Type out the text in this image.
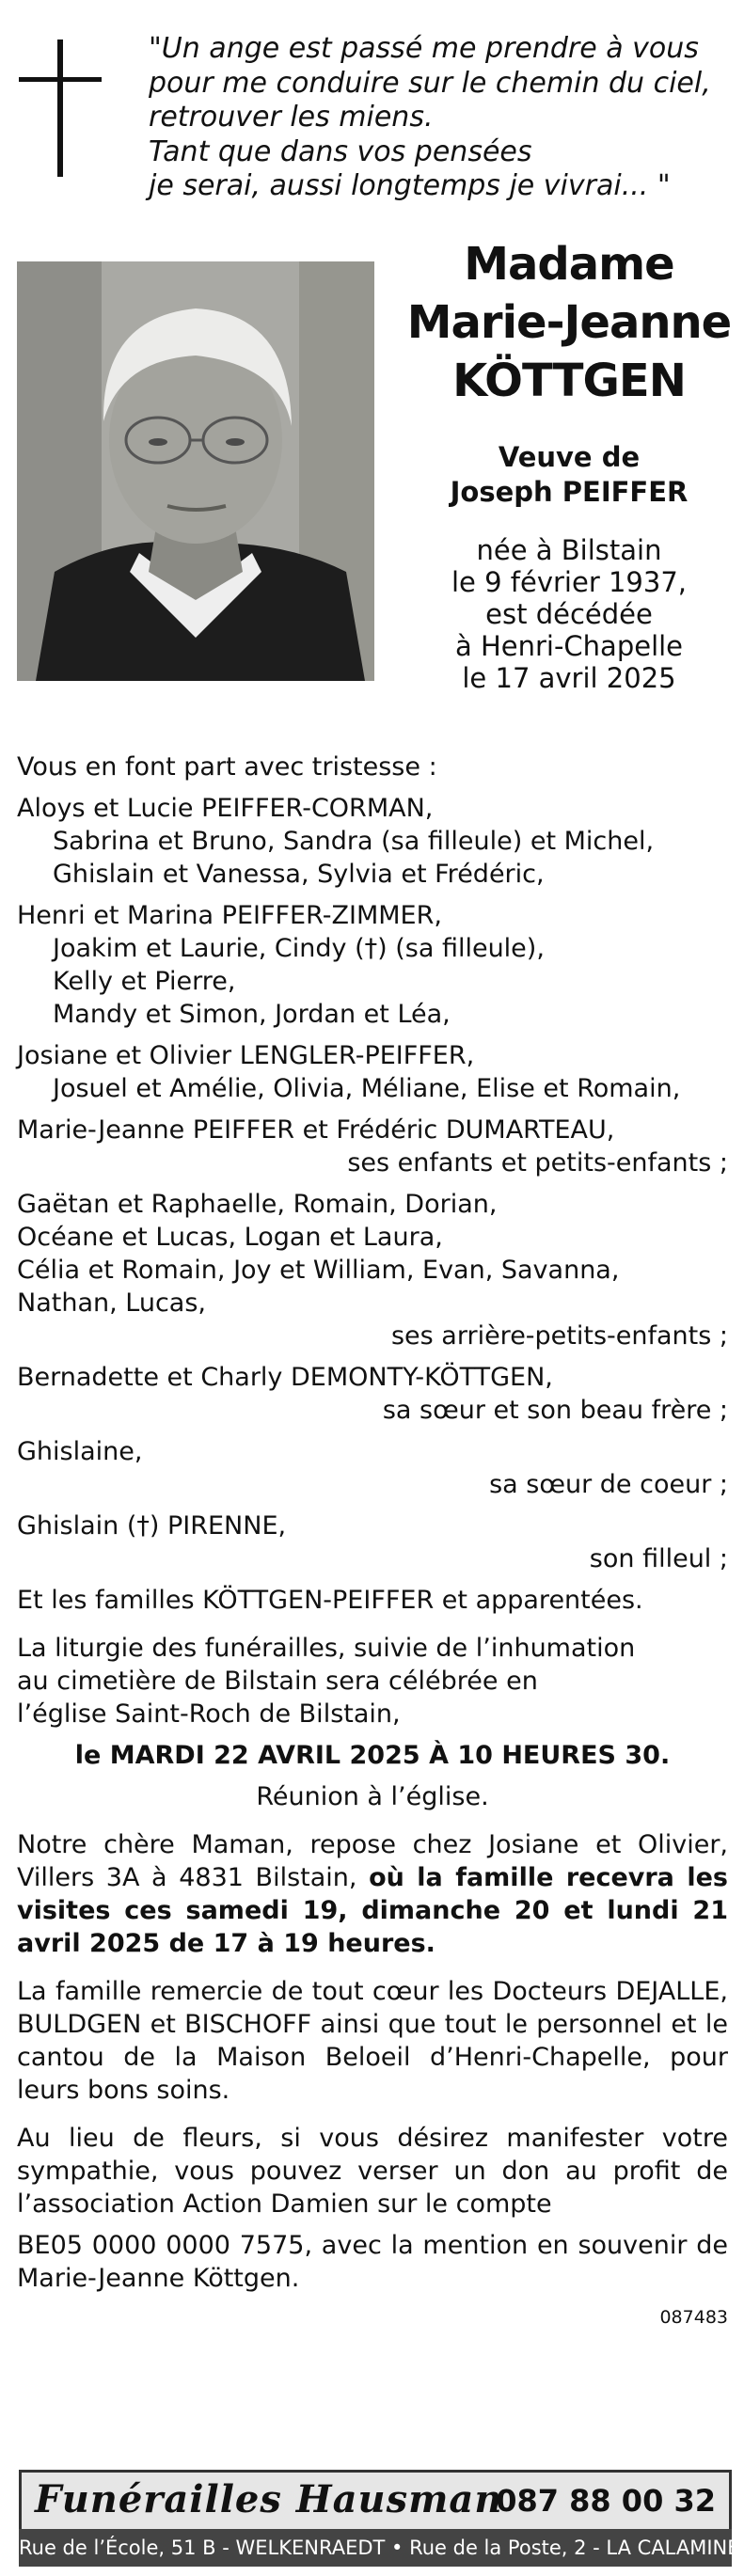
"Un ange est passé me prendre à vous
pour me conduire sur le chemin du ciel,
retrouver les miens.
Tant que dans vos pensées
je serai, aussi longtemps je vivrai... "
Madame
Marie-Jeanne
KÖTTGEN
Veuve de
Joseph PEIFFER
née à Bilstain
le 9 février 1937,
est décédée
à Henri-Chapelle
le 17 avril 2025
Vous en font part avec tristesse :
Aloys et Lucie PEIFFER-CORMAN,
Sabrina et Bruno, Sandra (sa filleule) et Michel,
Ghislain et Vanessa, Sylvia et Frédéric,
Henri et Marina PEIFFER-ZIMMER,
Joakim et Laurie, Cindy (†) (sa filleule),
Kelly et Pierre,
Mandy et Simon, Jordan et Léa,
Josiane et Olivier LENGLER-PEIFFER,
Josuel et Amélie, Olivia, Méliane, Elise et Romain,
Marie-Jeanne PEIFFER et Frédéric DUMARTEAU,
ses enfants et petits-enfants ;
Gaëtan et Raphaelle, Romain, Dorian,
Océane et Lucas, Logan et Laura,
Célia et Romain, Joy et William, Evan, Savanna,
Nathan, Lucas,
ses arrière-petits-enfants ;
Bernadette et Charly DEMONTY-KÖTTGEN,
sa sœur et son beau frère ;
Ghislaine,
sa sœur de coeur ;
Ghislain (†) PIRENNE,
son filleul ;
Et les familles KÖTTGEN-PEIFFER et apparentées.
La liturgie des funérailles, suivie de l’inhumation
au cimetière de Bilstain sera célébrée en
l’église Saint-Roch de Bilstain,
le MARDI 22 AVRIL 2025 À 10 HEURES 30.
Réunion à l’église.
Notre chère Maman, repose chez Josiane et Olivier, Villers 3A à 4831 Bilstain, où la famille recevra les visites ces samedi 19, dimanche 20 et lundi 21 avril 2025 de 17 à 19 heures.
La famille remercie de tout cœur les Docteurs DEJALLE, BULDGEN et BISCHOFF ainsi que tout le personnel et le cantou de la Maison Beloeil d’Henri-Chapelle, pour leurs bons soins.
Au lieu de fleurs, si vous désirez manifester votre sympathie, vous pouvez verser un don au profit de l’association Action Damien sur le compte
BE05 0000 0000 7575, avec la mention en souvenir de Marie-Jeanne Köttgen.
087483
Funérailles Hausman
087 88 00 32
Rue de l’École, 51 B - WELKENRAEDT • Rue de la Poste, 2 - LA CALAMINE
